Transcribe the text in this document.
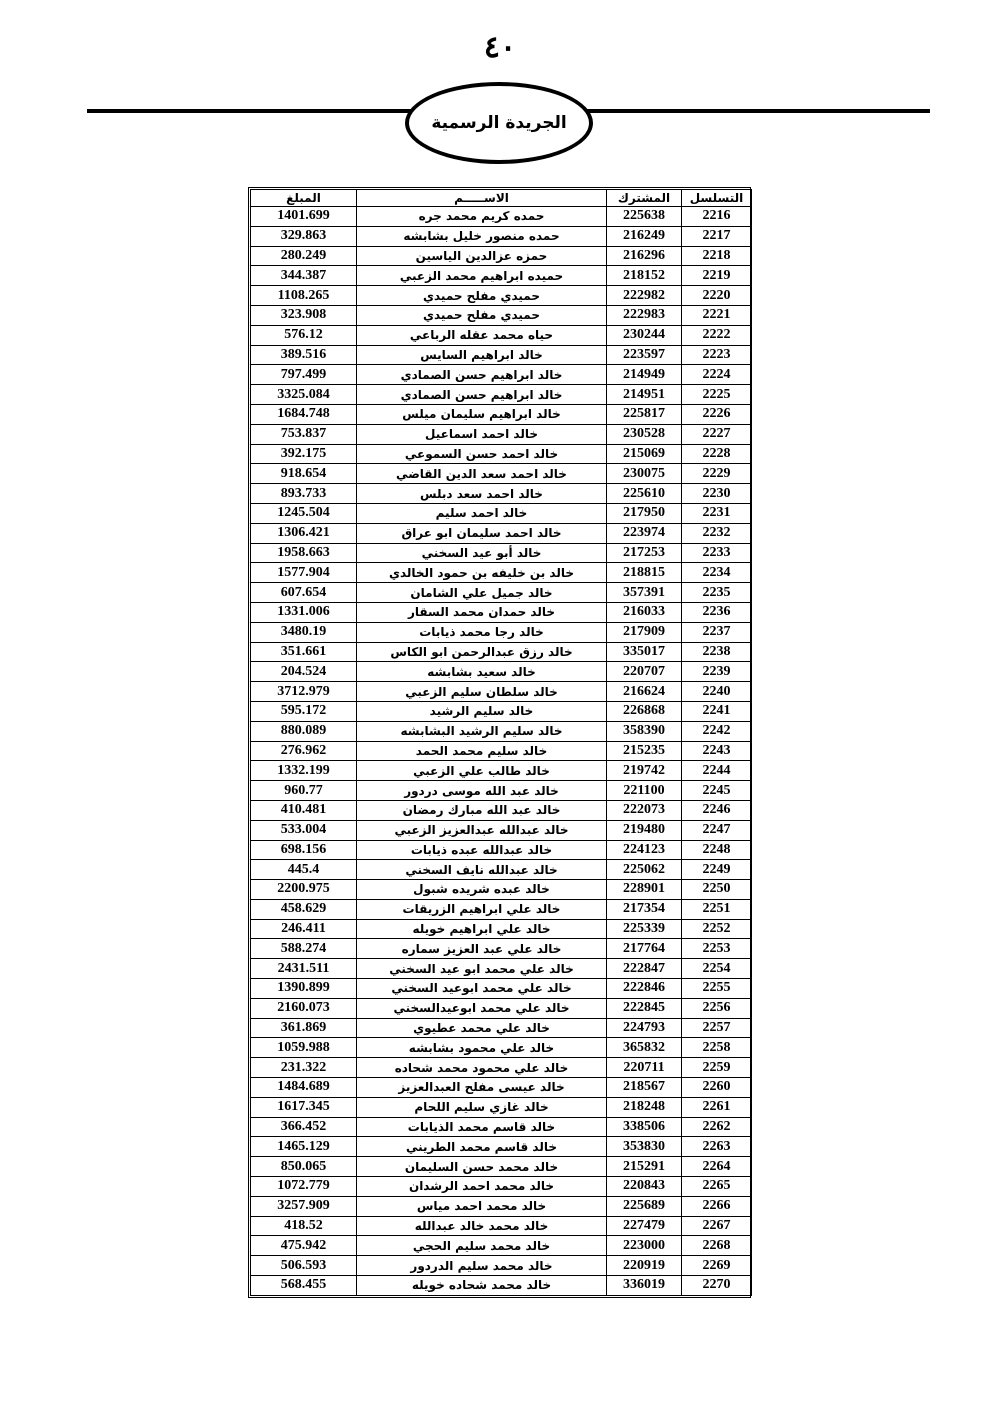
٤٠
الجريدة الرسمية
التسلسل	المشترك	الاســـــم	المبلغ
2216	225638	حمده كريم محمد جره	1401.699
2217	216249	حمده منصور خليل بشابشه	329.863
2218	216296	حمزه عزالدين الياسين	280.249
2219	218152	حميده ابراهيم محمد الزعبي	344.387
2220	222982	حميدي مفلح حميدي	1108.265
2221	222983	حميدي مفلح حميدي	323.908
2222	230244	حياه محمد عقله الرباعي	576.12
2223	223597	خالد ابراهيم السايس	389.516
2224	214949	خالد ابراهيم حسن الصمادي	797.499
2225	214951	خالد ابراهيم حسن الصمادي	3325.084
2226	225817	خالد ابراهيم سليمان ميلس	1684.748
2227	230528	خالد احمد اسماعيل	753.837
2228	215069	خالد احمد حسن السموعي	392.175
2229	230075	خالد احمد سعد الدين القاضي	918.654
2230	225610	خالد احمد سعد دبلس	893.733
2231	217950	خالد احمد سليم	1245.504
2232	223974	خالد احمد سليمان ابو عراق	1306.421
2233	217253	خالد أبو عيد السخني	1958.663
2234	218815	خالد بن خليفه بن حمود الخالدي	1577.904
2235	357391	خالد جميل علي الشامان	607.654
2236	216033	خالد حمدان محمد السقار	1331.006
2237	217909	خالد رجا محمد ذيابات	3480.19
2238	335017	خالد رزق عبدالرحمن ابو الكاس	351.661
2239	220707	خالد سعيد بشابشه	204.524
2240	216624	خالد سلطان سليم الزعبي	3712.979
2241	226868	خالد سليم الرشيد	595.172
2242	358390	خالد سليم الرشيد البشابشه	880.089
2243	215235	خالد سليم محمد الحمد	276.962
2244	219742	خالد طالب علي الزعبي	1332.199
2245	221100	خالد عبد الله موسى دردور	960.77
2246	222073	خالد عبد الله مبارك رمضان	410.481
2247	219480	خالد عبدالله عبدالعزيز الزعبي	533.004
2248	224123	خالد عبدالله عبده ذيابات	698.156
2249	225062	خالد عبدالله نايف السخني	445.4
2250	228901	خالد عبده شريده شبول	2200.975
2251	217354	خالد علي ابراهيم الزريقات	458.629
2252	225339	خالد علي ابراهيم خويله	246.411
2253	217764	خالد علي عبد العزيز سماره	588.274
2254	222847	خالد علي محمد ابو عيد السخني	2431.511
2255	222846	خالد علي محمد ابوعيد السخني	1390.899
2256	222845	خالد علي محمد ابوعيدالسخني	2160.073
2257	224793	خالد علي محمد عطيوي	361.869
2258	365832	خالد علي محمود بشابشه	1059.988
2259	220711	خالد علي محمود محمد شحاده	231.322
2260	218567	خالد عيسى مفلح العبدالعزيز	1484.689
2261	218248	خالد غازي سليم اللحام	1617.345
2262	338506	خالد قاسم محمد الذيابات	366.452
2263	353830	خالد قاسم محمد الطريني	1465.129
2264	215291	خالد محمد حسن السليمان	850.065
2265	220843	خالد محمد احمد الرشدان	1072.779
2266	225689	خالد محمد احمد مياس	3257.909
2267	227479	خالد محمد خالد عبدالله	418.52
2268	223000	خالد محمد سليم الحجي	475.942
2269	220919	خالد محمد سليم الدردور	506.593
2270	336019	خالد محمد شحاده خويله	568.455
